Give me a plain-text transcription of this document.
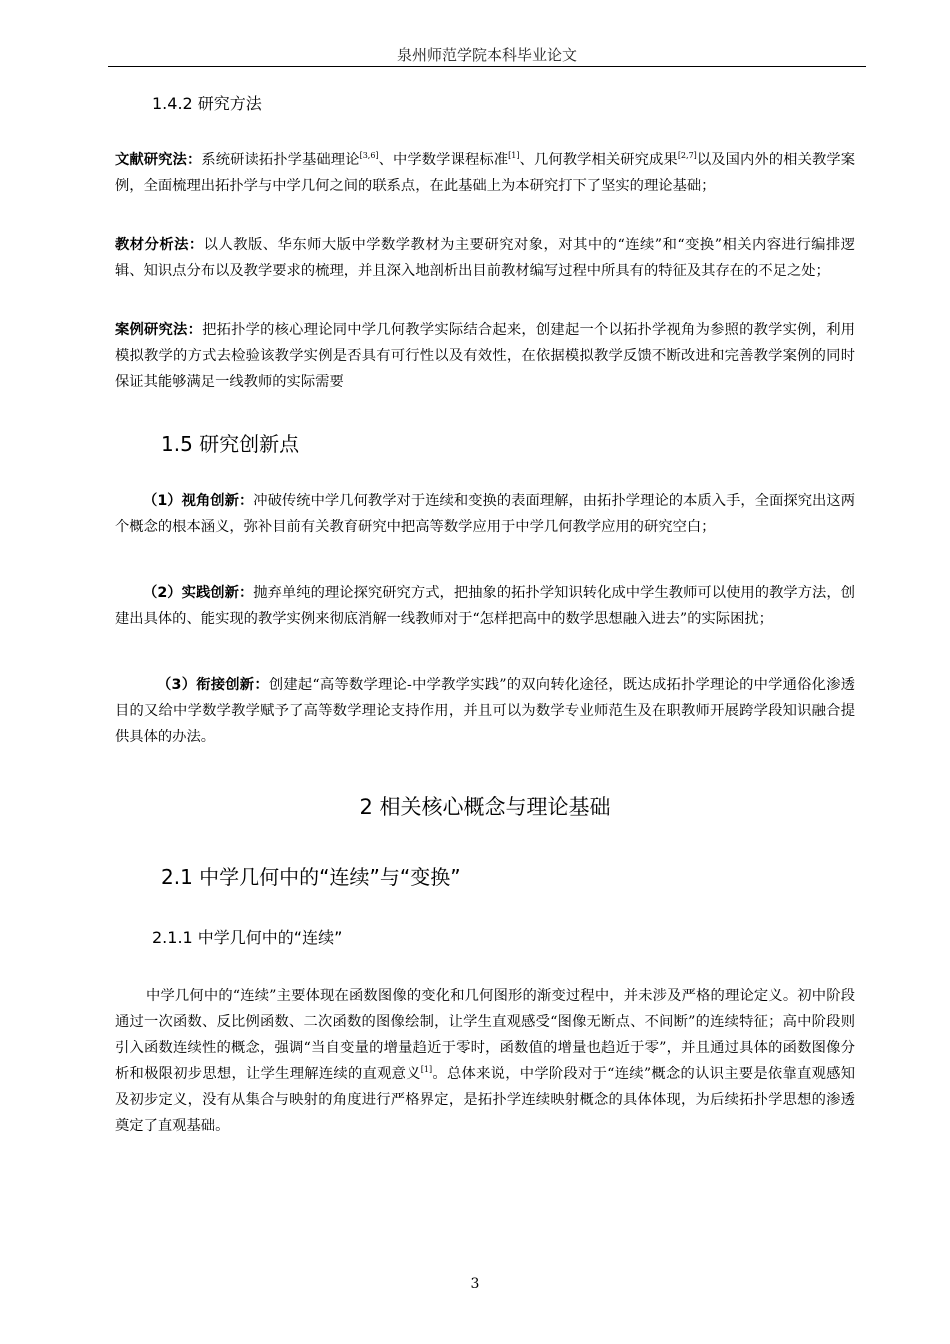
泉州师范学院本科毕业论文
1.4.2 研究方法
文献研究法：系统研读拓扑学基础理论[3,6]、中学数学课程标准[1]、几何教学相关研究成果[2,7]以及国内外的相关教学案例，全面梳理出拓扑学与中学几何之间的联系点，在此基础上为本研究打下了坚实的理论基础；
教材分析法：以人教版、华东师大版中学数学教材为主要研究对象，对其中的“连续”和“变换”相关内容进行编排逻辑、知识点分布以及教学要求的梳理，并且深入地剖析出目前教材编写过程中所具有的特征及其存在的不足之处；
案例研究法：把拓扑学的核心理论同中学几何教学实际结合起来，创建起一个以拓扑学视角为参照的教学实例，利用模拟教学的方式去检验该教学实例是否具有可行性以及有效性，在依据模拟教学反馈不断改进和完善教学案例的同时保证其能够满足一线教师的实际需要
1.5 研究创新点
（1）视角创新：冲破传统中学几何教学对于连续和变换的表面理解，由拓扑学理论的本质入手，全面探究出这两个概念的根本涵义，弥补目前有关教育研究中把高等数学应用于中学几何教学应用的研究空白；
（2）实践创新：抛弃单纯的理论探究研究方式，把抽象的拓扑学知识转化成中学生教师可以使用的教学方法，创建出具体的、能实现的教学实例来彻底消解一线教师对于“怎样把高中的数学思想融入进去”的实际困扰；
（3）衔接创新：创建起“高等数学理论-中学教学实践”的双向转化途径，既达成拓扑学理论的中学通俗化渗透目的又给中学数学教学赋予了高等数学理论支持作用，并且可以为数学专业师范生及在职教师开展跨学段知识融合提供具体的办法。
2 相关核心概念与理论基础
2.1 中学几何中的“连续”与“变换”
2.1.1 中学几何中的“连续”
中学几何中的“连续”主要体现在函数图像的变化和几何图形的渐变过程中，并未涉及严格的理论定义。初中阶段通过一次函数、反比例函数、二次函数的图像绘制，让学生直观感受“图像无断点、不间断”的连续特征；高中阶段则引入函数连续性的概念，强调“当自变量的增量趋近于零时，函数值的增量也趋近于零”，并且通过具体的函数图像分析和极限初步思想，让学生理解连续的直观意义[1]。总体来说，中学阶段对于“连续”概念的认识主要是依靠直观感知及初步定义，没有从集合与映射的角度进行严格界定，是拓扑学连续映射概念的具体体现，为后续拓扑学思想的渗透奠定了直观基础。
3
